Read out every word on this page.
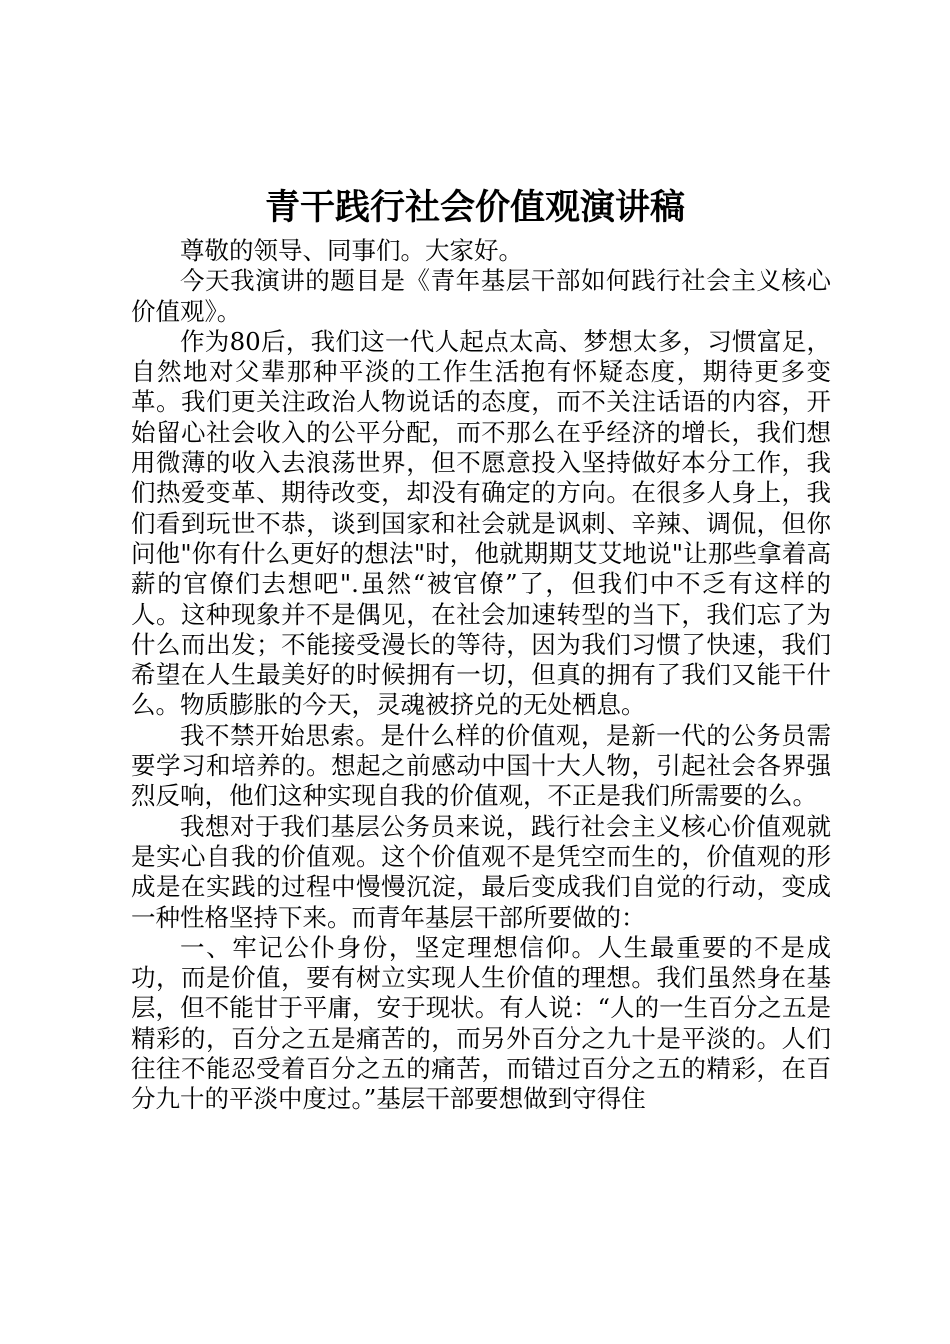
青干践行社会价值观演讲稿

尊敬的领导、同事们。大家好。

今天我演讲的题目是《青年基层干部如何践行社会主义核心价值观》。

作为80后，我们这一代人起点太高、梦想太多，习惯富足，自然地对父辈那种平淡的工作生活抱有怀疑态度，期待更多变革。我们更关注政治人物说话的态度，而不关注话语的内容，开始留心社会收入的公平分配，而不那么在乎经济的增长，我们想用微薄的收入去浪荡世界，但不愿意投入坚持做好本分工作，我们热爱变革、期待改变，却没有确定的方向。在很多人身上，我们看到玩世不恭，谈到国家和社会就是讽刺、辛辣、调侃，但你问他"你有什么更好的想法"时，他就期期艾艾地说"让那些拿着高薪的官僚们去想吧".虽然“被官僚”了，但我们中不乏有这样的人。这种现象并不是偶见，在社会加速转型的当下，我们忘了为什么而出发；不能接受漫长的等待，因为我们习惯了快速，我们希望在人生最美好的时候拥有一切，但真的拥有了我们又能干什么。物质膨胀的今天，灵魂被挤兑的无处栖息。

我不禁开始思索。是什么样的价值观，是新一代的公务员需要学习和培养的。想起之前感动中国十大人物，引起社会各界强烈反响，他们这种实现自我的价值观，不正是我们所需要的么。

我想对于我们基层公务员来说，践行社会主义核心价值观就是实心自我的价值观。这个价值观不是凭空而生的，价值观的形成是在实践的过程中慢慢沉淀，最后变成我们自觉的行动，变成一种性格坚持下来。而青年基层干部所要做的：

一、牢记公仆身份，坚定理想信仰。人生最重要的不是成功，而是价值，要有树立实现人生价值的理想。我们虽然身在基层，但不能甘于平庸，安于现状。有人说：“人的一生百分之五是精彩的，百分之五是痛苦的，而另外百分之九十是平淡的。人们往往不能忍受着百分之五的痛苦，而错过百分之五的精彩，在百分九十的平淡中度过。”基层干部要想做到守得住
